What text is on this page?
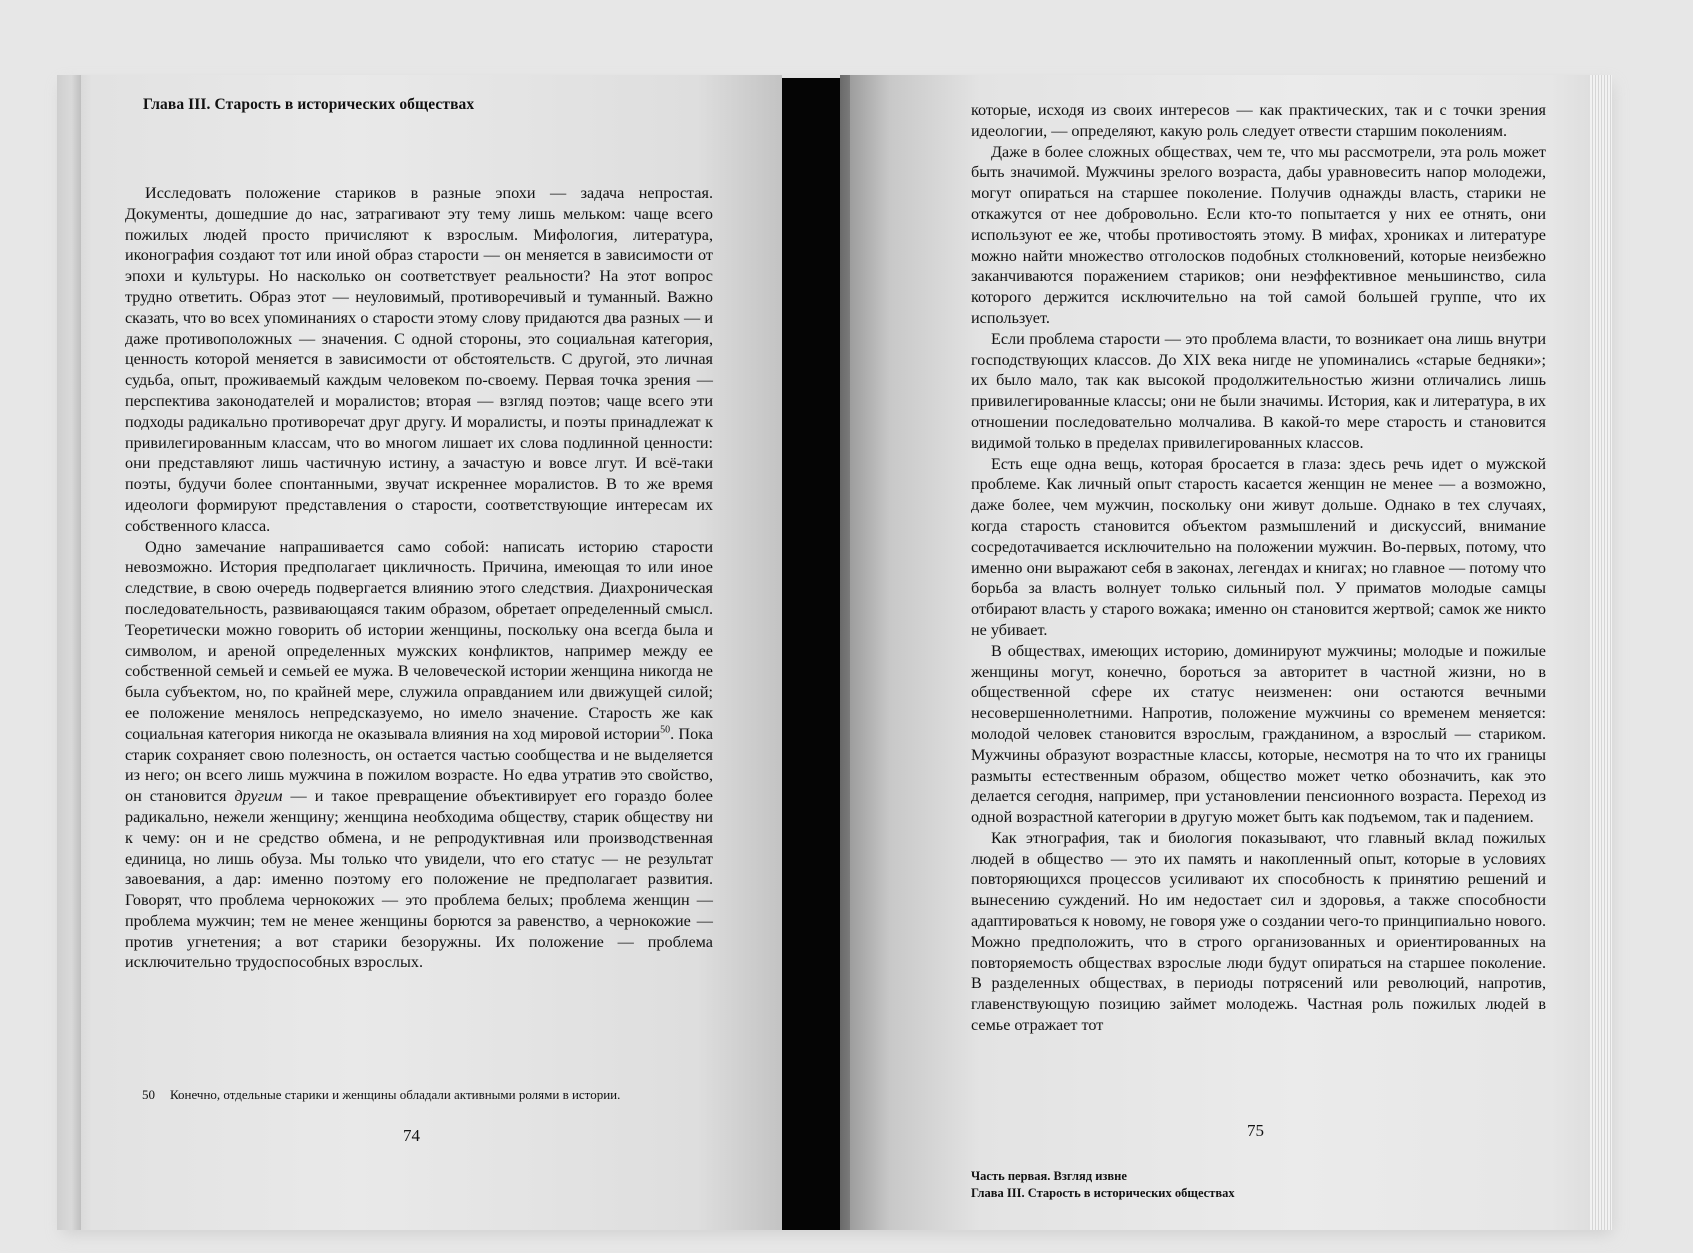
Глава III. Старость в исторических обществах

Исследовать положение стариков в разные эпохи — задача непростая. Документы, дошедшие до нас, затрагивают эту тему лишь мельком: чаще всего пожилых людей просто причисляют к взрослым. Мифология, литература, иконография создают тот или иной образ старости — он меняется в зависимости от эпохи и культуры. Но насколько он соответствует реальности? На этот вопрос трудно ответить. Образ этот — неуловимый, противоречивый и туманный. Важно сказать, что во всех упоминаниях о старости этому слову придаются два разных — и даже противоположных — значения. С одной стороны, это социальная категория, ценность которой меняется в зависимости от обстоятельств. С другой, это личная судьба, опыт, проживаемый каждым человеком по-своему. Первая точка зрения — перспектива законодателей и моралистов; вторая — взгляд поэтов; чаще всего эти подходы радикально противоречат друг другу. И моралисты, и поэты принадлежат к привилегированным классам, что во многом лишает их слова подлинной ценности: они представляют лишь частичную истину, а зачастую и вовсе лгут. И всё-таки поэты, будучи более спонтанными, звучат искреннее моралистов. В то же время идеологи формируют представления о старости, соответствующие интересам их собственного класса.

Одно замечание напрашивается само собой: написать историю старости невозможно. История предполагает цикличность. Причина, имеющая то или иное следствие, в свою очередь подвергается влиянию этого следствия. Диахроническая последовательность, развивающаяся таким образом, обретает определенный смысл. Теоретически можно говорить об истории женщины, поскольку она всегда была и символом, и ареной определенных мужских конфликтов, например между ее собственной семьей и семьей ее мужа. В человеческой истории женщина никогда не была субъектом, но, по крайней мере, служила оправданием или движущей силой; ее положение менялось непредсказуемо, но имело значение. Старость же как социальная категория никогда не оказывала влияния на ход мировой истории$^{50}$. Пока старик сохраняет свою полезность, он остается частью сообщества и не выделяется из него; он всего лишь мужчина в пожилом возрасте. Но едва утратив это свойство, он становится другим — и такое превращение объективирует его гораздо более радикально, нежели женщину; женщина необходима обществу, старик обществу ни к чему: он и не средство обмена, и не репродуктивная или производственная единица, но лишь обуза. Мы только что увидели, что его статус — не результат завоевания, а дар: именно поэтому его положение не предполагает развития. Говорят, что проблема чернокожих — это проблема белых; проблема женщин — проблема мужчин; тем не менее женщины борются за равенство, а чернокожие — против угнетения; а вот старики безоружны. Их положение — проблема исключительно трудоспособных взрослых.

50 Конечно, отдельные старики и женщины обладали активными ролями в истории.
74

которые, исходя из своих интересов — как практических, так и с точки зрения идеологии, — определяют, какую роль следует отвести старшим поколениям.

Даже в более сложных обществах, чем те, что мы рассмотрели, эта роль может быть значимой. Мужчины зрелого возраста, дабы уравновесить напор молодежи, могут опираться на старшее поколение. Получив однажды власть, старики не откажутся от нее добровольно. Если кто-то попытается у них ее отнять, они используют ее же, чтобы противостоять этому. В мифах, хрониках и литературе можно найти множество отголосков подобных столкновений, которые неизбежно заканчиваются поражением стариков; они неэффективное меньшинство, сила которого держится исключительно на той самой большей группе, что их использует.

Если проблема старости — это проблема власти, то возникает она лишь внутри господствующих классов. До XIX века нигде не упоминались «старые бедняки»; их было мало, так как высокой продолжительностью жизни отличались лишь привилегированные классы; они не были значимы. История, как и литература, в их отношении последовательно молчалива. В какой-то мере старость и становится видимой только в пределах привилегированных классов.

Есть еще одна вещь, которая бросается в глаза: здесь речь идет о мужской проблеме. Как личный опыт старость касается женщин не менее — а возможно, даже более, чем мужчин, поскольку они живут дольше. Однако в тех случаях, когда старость становится объектом размышлений и дискуссий, внимание сосредотачивается исключительно на положении мужчин. Во-первых, потому, что именно они выражают себя в законах, легендах и книгах; но главное — потому что борьба за власть волнует только сильный пол. У приматов молодые самцы отбирают власть у старого вожака; именно он становится жертвой; самок же никто не убивает.

В обществах, имеющих историю, доминируют мужчины; молодые и пожилые женщины могут, конечно, бороться за авторитет в частной жизни, но в общественной сфере их статус неизменен: они остаются вечными несовершеннолетними. Напротив, положение мужчины со временем меняется: молодой человек становится взрослым, гражданином, а взрослый — стариком. Мужчины образуют возрастные классы, которые, несмотря на то что их границы размыты естественным образом, общество может четко обозначить, как это делается сегодня, например, при установлении пенсионного возраста. Переход из одной возрастной категории в другую может быть как подъемом, так и падением.

Как этнография, так и биология показывают, что главный вклад пожилых людей в общество — это их память и накопленный опыт, которые в условиях повторяющихся процессов усиливают их способность к принятию решений и вынесению суждений. Но им недостает сил и здоровья, а также способности адаптироваться к новому, не говоря уже о создании чего-то принципиально нового. Можно предположить, что в строго организованных и ориентированных на повторяемость обществах взрослые люди будут опираться на старшее поколение. В разделенных обществах, в периоды потрясений или революций, напротив, главенствующую позицию займет молодежь. Частная роль пожилых людей в семье отражает тот

75
Часть первая. Взгляд извне
Глава III. Старость в исторических обществах
